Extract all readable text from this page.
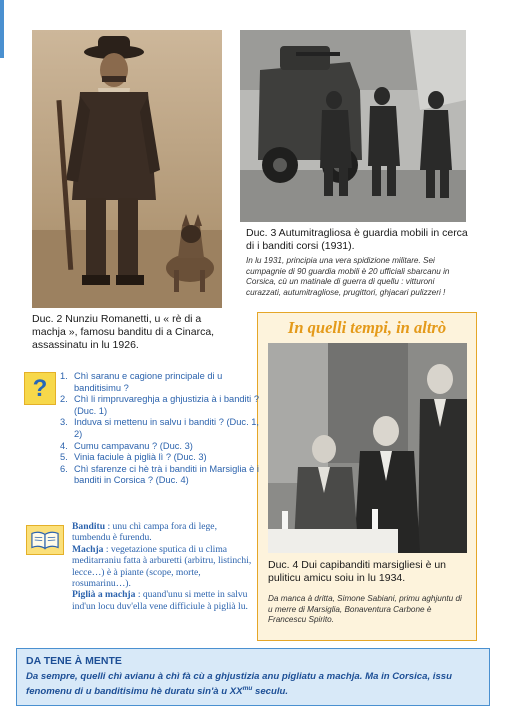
Duc. 3 Autumitragliosa è guardia mobili in cerca di i banditi corsi (1931).

In lu 1931, principia una vera spidizione militare. Sei cumpagnie di 90 guardia mobili è 20 ufficiali sbarcanu in Corsica, cù un matinale di guerra di quellu : vitturoni curazzati, autumitragliose, prugittori, ghjacari pulizzeri !

Duc. 2 Nunziu Romanetti, u « rè di a machja », famosu banditu di a Cinarca, assassinatu in lu 1926.

In quelli tempi, in altrò

Duc. 4 Dui capibanditi marsigliesi è un puliticu amicu soiu in lu 1934.

Da manca à dritta, Simone Sabiani, primu aghjuntu di u merre di Marsiglia, Bonaventura Carbone è Francescu Spirito.

? 1. Chì saranu e cagione principale di u banditisimu ?
2. Chì li rimpruvareghja a ghjustizia à i banditi ? (Duc. 1)
3. Induva si mettenu in salvu i banditi ? (Duc. 1, 2)
4. Cumu campavanu ? (Duc. 3)
5. Vinia faciule à piglià lì ? (Duc. 3)
6. Chì sfarenze ci hè trà i banditi in Marsiglia è i banditi in Corsica ? (Duc. 4)

Banditu : unu chì campa fora di lege, tumbendu è furendu.

Machja : vegetazione sputica di u clima meditarraniu fatta à arburetti (arbitru, listinchi, lecce…) è à piante (scope, morte, rosumarinu…).

Piglià a machja : quand'unu si mette in salvu ind'un locu duv'ella vene difficiule à piglià lu.

DA TENE À MENTE

Da sempre, quelli chì avianu à chì fà cù a ghjustizia anu pigliatu a machja. Ma in Corsica, issu fenomenu di u banditisimu hè duratu sin'à u $XX^{mu}$ seculu.
